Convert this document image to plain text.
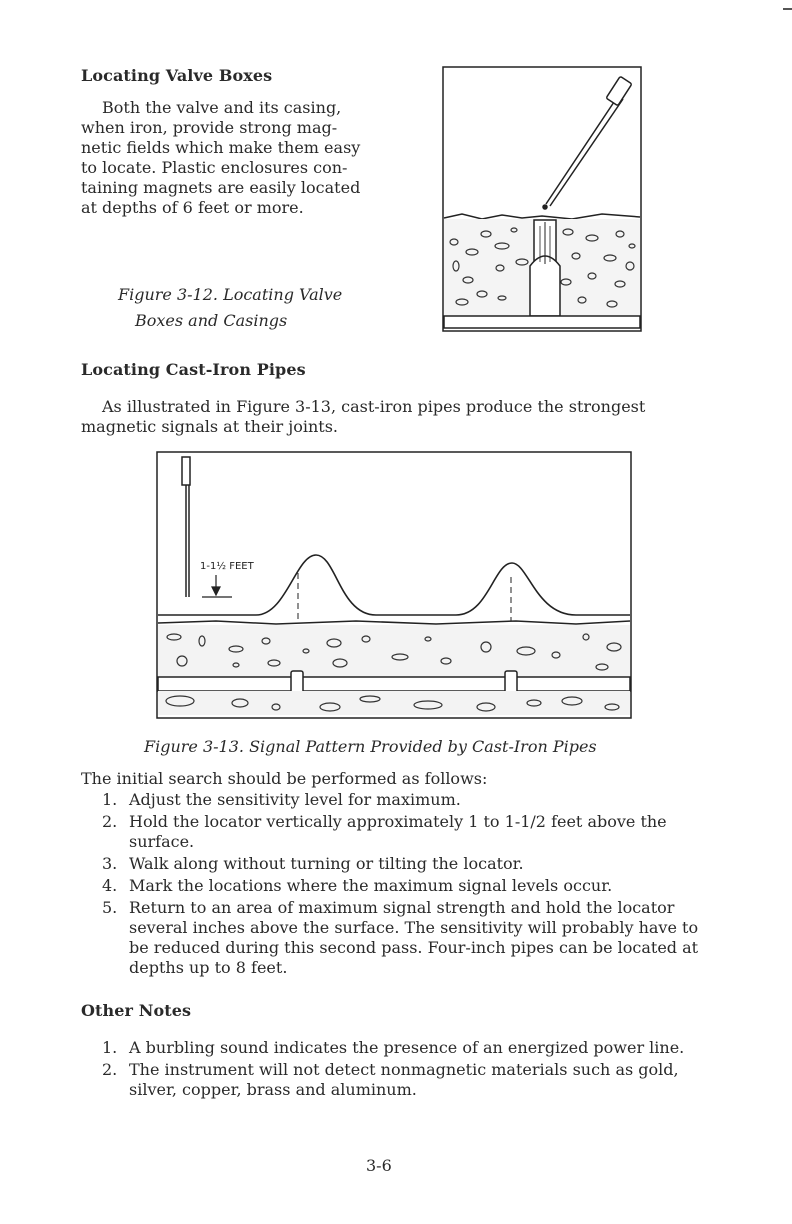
Locating Valve Boxes
Both the valve and its casing,
when iron, provide strong mag-
netic fields which make them easy
to locate. Plastic enclosures con-
taining magnets are easily located
at depths of 6 feet or more.
Figure 3-12. Locating Valve
Boxes and Casings
Locating Cast-Iron Pipes

As illustrated in Figure 3-13, cast-iron pipes produce the strongest magnetic signals at their joints.

1-1½ FEET
Figure 3-13. Signal Pattern Provided by Cast-Iron Pipes
The initial search should be performed as follows:
1. Adjust the sensitivity level for maximum.
2. Hold the locator vertically approximately 1 to 1-1/2 feet above the surface.
3. Walk along without turning or tilting the locator.
4. Mark the locations where the maximum signal levels occur.
5. Return to an area of maximum signal strength and hold the locator several inches above the surface. The sensitivity will probably have to be reduced during this second pass. Four-inch pipes can be located at depths up to 8 feet.
Other Notes
1. A burbling sound indicates the presence of an energized power line.
2. The instrument will not detect nonmagnetic materials such as gold, silver, copper, brass and aluminum.
3-6
